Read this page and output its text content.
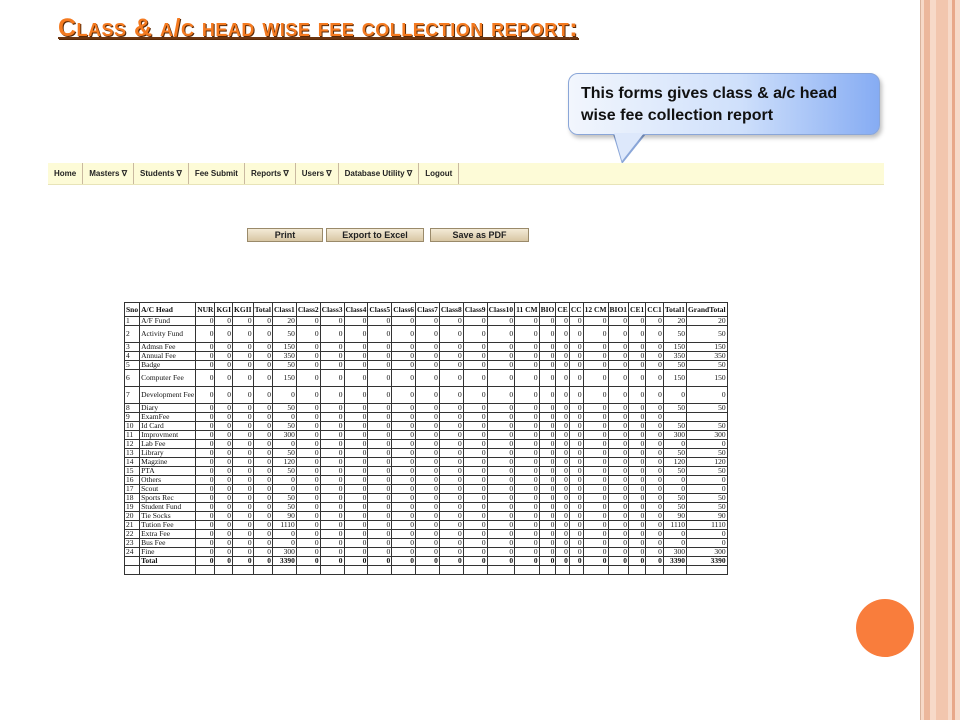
Class & a/c head wise fee collection report:
This forms gives class & a/c head wise fee collection report
Home	Masters ∇	Students ∇	Fee Submit	Reports ∇	Users ∇	Database Utility ∇	Logout
Print	Export to Excel	Save as PDF
Sno	A/C Head	NUR	KGI	KGII	Total	Class1	Class2	Class3	Class4	Class5	Class6	Class7	Class8	Class9	Class10	11 CM	BIO	CE	CC	12 CM	BIO1	CE1	CC1	Total1	GrandTotal
1	A/F Fund	0	0	0	0	20	0	0	0	0	0	0	0	0	0	0	0	0	0	0	0	0	0	20	20
2	Activity Fund	0	0	0	0	50	0	0	0	0	0	0	0	0	0	0	0	0	0	0	0	0	0	50	50
3	Admsn Fee	0	0	0	0	150	0	0	0	0	0	0	0	0	0	0	0	0	0	0	0	0	0	150	150
4	Annual Fee	0	0	0	0	350	0	0	0	0	0	0	0	0	0	0	0	0	0	0	0	0	0	350	350
5	Badge	0	0	0	0	50	0	0	0	0	0	0	0	0	0	0	0	0	0	0	0	0	0	50	50
6	Computer Fee	0	0	0	0	150	0	0	0	0	0	0	0	0	0	0	0	0	0	0	0	0	0	150	150
7	Development Fee	0	0	0	0	0	0	0	0	0	0	0	0	0	0	0	0	0	0	0	0	0	0	0	0
8	Diary	0	0	0	0	50	0	0	0	0	0	0	0	0	0	0	0	0	0	0	0	0	0	50	50
9	ExamFee	0	0	0	0	0	0	0	0	0	0	0	0	0	0	0	0	0	0	0	0	0	0		
10	Id Card	0	0	0	0	50	0	0	0	0	0	0	0	0	0	0	0	0	0	0	0	0	0	50	50
11	Improvment	0	0	0	0	300	0	0	0	0	0	0	0	0	0	0	0	0	0	0	0	0	0	300	300
12	Lab Fee	0	0	0	0	0	0	0	0	0	0	0	0	0	0	0	0	0	0	0	0	0	0	0	0
13	Library	0	0	0	0	50	0	0	0	0	0	0	0	0	0	0	0	0	0	0	0	0	0	50	50
14	Magzine	0	0	0	0	120	0	0	0	0	0	0	0	0	0	0	0	0	0	0	0	0	0	120	120
15	PTA	0	0	0	0	50	0	0	0	0	0	0	0	0	0	0	0	0	0	0	0	0	0	50	50
16	Others	0	0	0	0	0	0	0	0	0	0	0	0	0	0	0	0	0	0	0	0	0	0	0	0
17	Scout	0	0	0	0	0	0	0	0	0	0	0	0	0	0	0	0	0	0	0	0	0	0	0	0
18	Sports Rec	0	0	0	0	50	0	0	0	0	0	0	0	0	0	0	0	0	0	0	0	0	0	50	50
19	Student Fund	0	0	0	0	50	0	0	0	0	0	0	0	0	0	0	0	0	0	0	0	0	0	50	50
20	Tie Socks	0	0	0	0	90	0	0	0	0	0	0	0	0	0	0	0	0	0	0	0	0	0	90	90
21	Tution Fee	0	0	0	0	1110	0	0	0	0	0	0	0	0	0	0	0	0	0	0	0	0	0	1110	1110
22	Extra Fee	0	0	0	0	0	0	0	0	0	0	0	0	0	0	0	0	0	0	0	0	0	0	0	0
23	Bus Fee	0	0	0	0	0	0	0	0	0	0	0	0	0	0	0	0	0	0	0	0	0	0	0	0
24	Fine	0	0	0	0	300	0	0	0	0	0	0	0	0	0	0	0	0	0	0	0	0	0	300	300
	Total	0	0	0	0	3390	0	0	0	0	0	0	0	0	0	0	0	0	0	0	0	0	0	3390	3390
